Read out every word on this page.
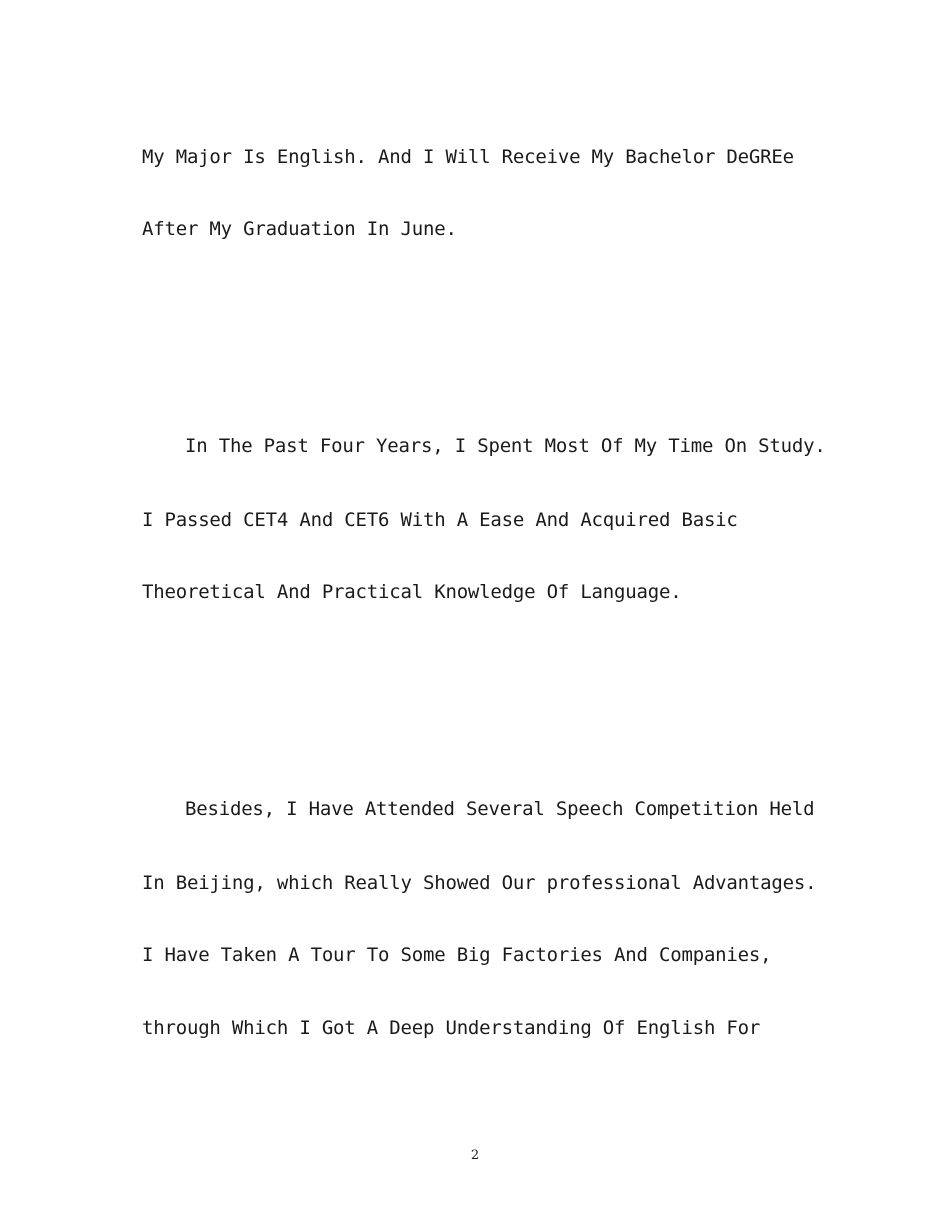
My Major Is English. And I Will Receive My Bachelor DeGREe

After My Graduation In June.

In The Past Four Years, I Spent Most Of My Time On Study.

I Passed CET4 And CET6 With A Ease And Acquired Basic

Theoretical And Practical Knowledge Of Language.

Besides, I Have Attended Several Speech Competition Held

In Beijing, which Really Showed Our professional Advantages.

I Have Taken A Tour To Some Big Factories And Companies,

through Which I Got A Deep Understanding Of English For

2
